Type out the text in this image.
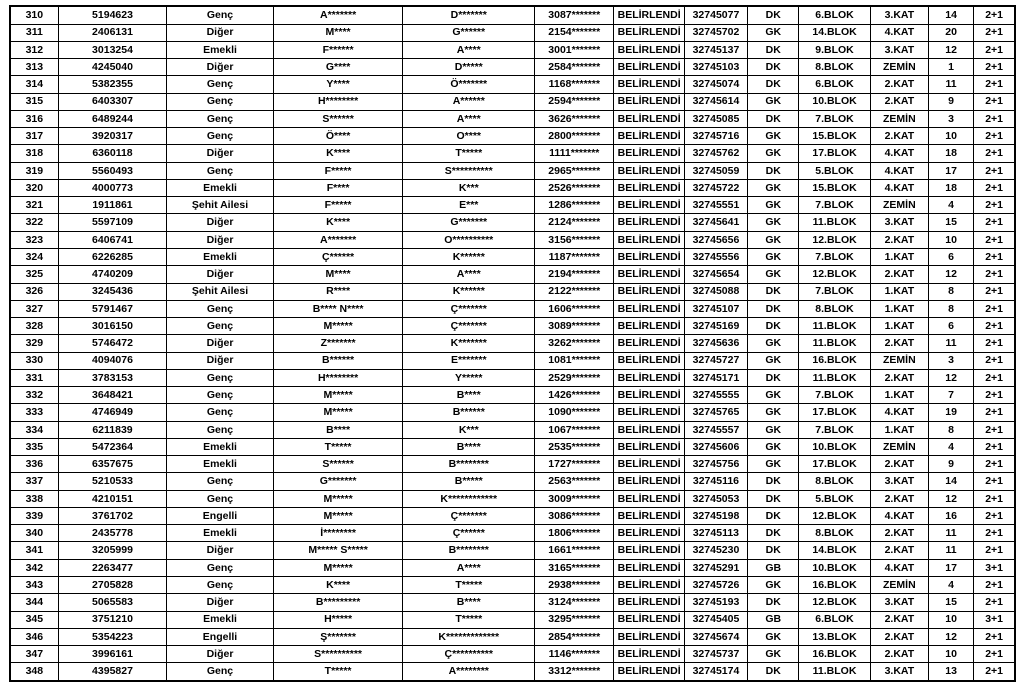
310	5194623	Genç	A*******	D*******	3087*******	BELİRLENDİ	32745077	DK	6.BLOK	3.KAT	14	2+1
311	2406131	Diğer	M****	G******	2154*******	BELİRLENDİ	32745702	GK	14.BLOK	4.KAT	20	2+1
312	3013254	Emekli	F******	A****	3001*******	BELİRLENDİ	32745137	DK	9.BLOK	3.KAT	12	2+1
313	4245040	Diğer	G****	D*****	2584*******	BELİRLENDİ	32745103	DK	8.BLOK	ZEMİN	1	2+1
314	5382355	Genç	Y****	Ö*******	1168*******	BELİRLENDİ	32745074	DK	6.BLOK	2.KAT	11	2+1
315	6403307	Genç	H********	A******	2594*******	BELİRLENDİ	32745614	GK	10.BLOK	2.KAT	9	2+1
316	6489244	Genç	S******	A****	3626*******	BELİRLENDİ	32745085	DK	7.BLOK	ZEMİN	3	2+1
317	3920317	Genç	Ö****	O****	2800*******	BELİRLENDİ	32745716	GK	15.BLOK	2.KAT	10	2+1
318	6360118	Diğer	K****	T*****	1111*******	BELİRLENDİ	32745762	GK	17.BLOK	4.KAT	18	2+1
319	5560493	Genç	F*****	S**********	2965*******	BELİRLENDİ	32745059	DK	5.BLOK	4.KAT	17	2+1
320	4000773	Emekli	F****	K***	2526*******	BELİRLENDİ	32745722	GK	15.BLOK	4.KAT	18	2+1
321	1911861	Şehit Ailesi	F*****	E***	1286*******	BELİRLENDİ	32745551	GK	7.BLOK	ZEMİN	4	2+1
322	5597109	Diğer	K****	G*******	2124*******	BELİRLENDİ	32745641	GK	11.BLOK	3.KAT	15	2+1
323	6406741	Diğer	A*******	O**********	3156*******	BELİRLENDİ	32745656	GK	12.BLOK	2.KAT	10	2+1
324	6226285	Emekli	Ç******	K******	1187*******	BELİRLENDİ	32745556	GK	7.BLOK	1.KAT	6	2+1
325	4740209	Diğer	M****	A****	2194*******	BELİRLENDİ	32745654	GK	12.BLOK	2.KAT	12	2+1
326	3245436	Şehit Ailesi	R****	K******	2122*******	BELİRLENDİ	32745088	DK	7.BLOK	1.KAT	8	2+1
327	5791467	Genç	B**** N****	Ç*******	1606*******	BELİRLENDİ	32745107	DK	8.BLOK	1.KAT	8	2+1
328	3016150	Genç	M*****	Ç*******	3089*******	BELİRLENDİ	32745169	DK	11.BLOK	1.KAT	6	2+1
329	5746472	Diğer	Z*******	K*******	3262*******	BELİRLENDİ	32745636	GK	11.BLOK	2.KAT	11	2+1
330	4094076	Diğer	B******	E*******	1081*******	BELİRLENDİ	32745727	GK	16.BLOK	ZEMİN	3	2+1
331	3783153	Genç	H********	Y*****	2529*******	BELİRLENDİ	32745171	DK	11.BLOK	2.KAT	12	2+1
332	3648421	Genç	M*****	B****	1426*******	BELİRLENDİ	32745555	GK	7.BLOK	1.KAT	7	2+1
333	4746949	Genç	M*****	B******	1090*******	BELİRLENDİ	32745765	GK	17.BLOK	4.KAT	19	2+1
334	6211839	Genç	B****	K***	1067*******	BELİRLENDİ	32745557	GK	7.BLOK	1.KAT	8	2+1
335	5472364	Emekli	T*****	B****	2535*******	BELİRLENDİ	32745606	GK	10.BLOK	ZEMİN	4	2+1
336	6357675	Emekli	S******	B********	1727*******	BELİRLENDİ	32745756	GK	17.BLOK	2.KAT	9	2+1
337	5210533	Genç	G*******	B*****	2563*******	BELİRLENDİ	32745116	DK	8.BLOK	3.KAT	14	2+1
338	4210151	Genç	M*****	K************	3009*******	BELİRLENDİ	32745053	DK	5.BLOK	2.KAT	12	2+1
339	3761702	Engelli	M*****	Ç*******	3086*******	BELİRLENDİ	32745198	DK	12.BLOK	4.KAT	16	2+1
340	2435778	Emekli	İ********	Ç******	1806*******	BELİRLENDİ	32745113	DK	8.BLOK	2.KAT	11	2+1
341	3205999	Diğer	M***** S*****	B********	1661*******	BELİRLENDİ	32745230	DK	14.BLOK	2.KAT	11	2+1
342	2263477	Genç	M*****	A****	3165*******	BELİRLENDİ	32745291	GB	10.BLOK	4.KAT	17	3+1
343	2705828	Genç	K****	T*****	2938*******	BELİRLENDİ	32745726	GK	16.BLOK	ZEMİN	4	2+1
344	5065583	Diğer	B*********	B****	3124*******	BELİRLENDİ	32745193	DK	12.BLOK	3.KAT	15	2+1
345	3751210	Emekli	H*****	T*****	3295*******	BELİRLENDİ	32745405	GB	6.BLOK	2.KAT	10	3+1
346	5354223	Engelli	Ş*******	K*************	2854*******	BELİRLENDİ	32745674	GK	13.BLOK	2.KAT	12	2+1
347	3996161	Diğer	S**********	Ç**********	1146*******	BELİRLENDİ	32745737	GK	16.BLOK	2.KAT	10	2+1
348	4395827	Genç	T*****	A********	3312*******	BELİRLENDİ	32745174	DK	11.BLOK	3.KAT	13	2+1
